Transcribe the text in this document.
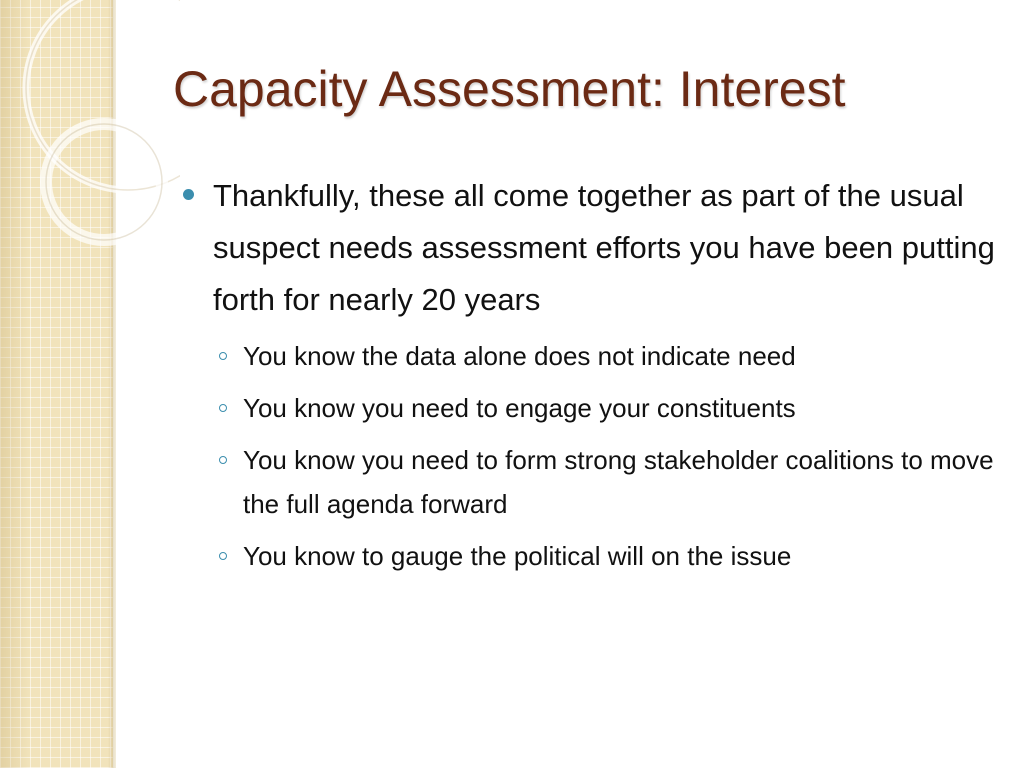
Capacity Assessment: Interest
Thankfully, these all come together as part of the usual suspect needs assessment efforts you have been putting forth for nearly 20 years
You know the data alone does not indicate need
You know you need to engage your constituents
You know you need to form strong stakeholder coalitions to move the full agenda forward
You know to gauge the political will on the issue
